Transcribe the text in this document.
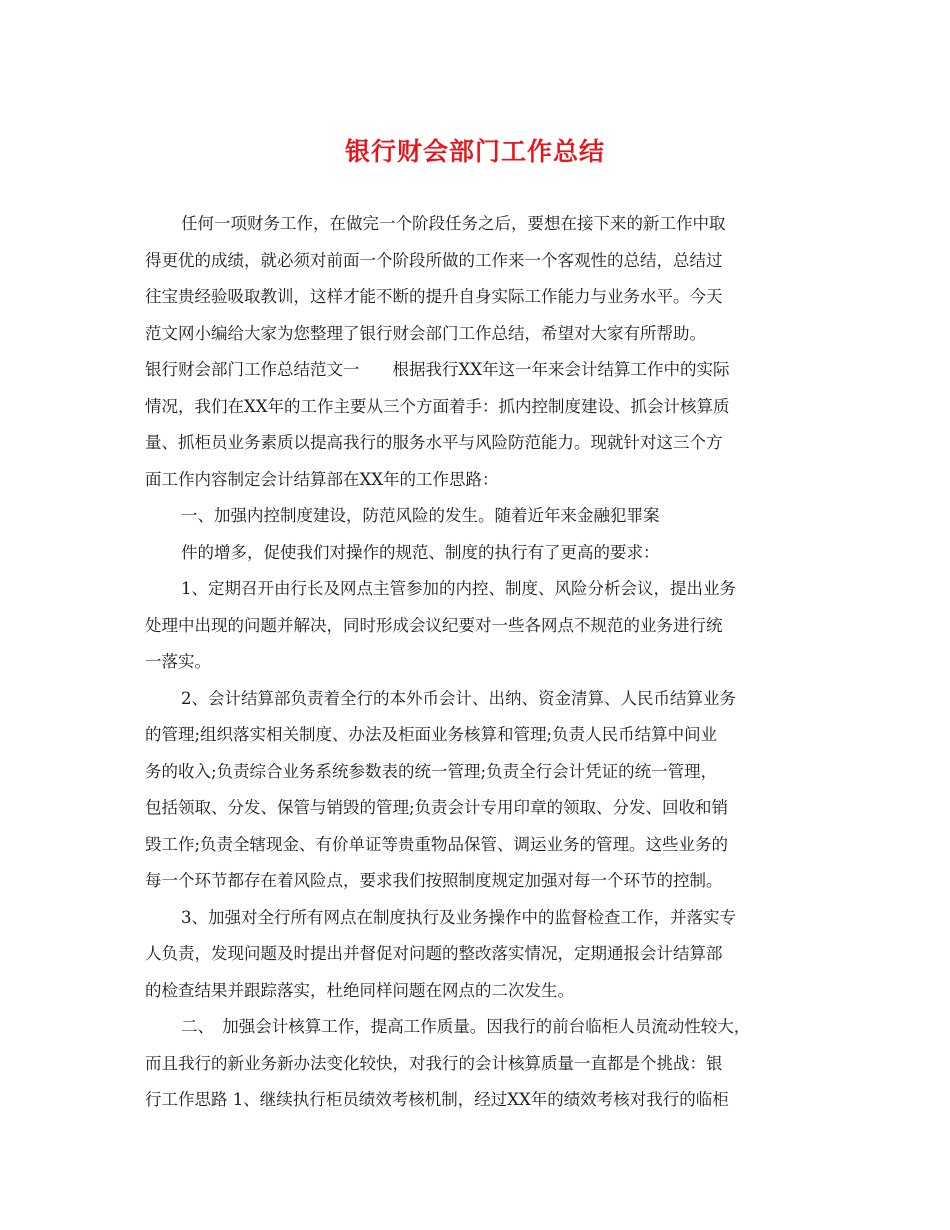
银行财会部门工作总结
任何一项财务工作，在做完一个阶段任务之后，要想在接下来的新工作中取
得更优的成绩，就必须对前面一个阶段所做的工作来一个客观性的总结，总结过
往宝贵经验吸取教训，这样才能不断的提升自身实际工作能力与业务水平。今天
范文网小编给大家为您整理了银行财会部门工作总结，希望对大家有所帮助。
银行财会部门工作总结范文一　　根据我行XX年这一年来会计结算工作中的实际
情况，我们在XX年的工作主要从三个方面着手：抓内控制度建设、抓会计核算质
量、抓柜员业务素质以提高我行的服务水平与风险防范能力。现就针对这三个方
面工作内容制定会计结算部在XX年的工作思路：
一、加强内控制度建设，防范风险的发生。随着近年来金融犯罪案
件的增多，促使我们对操作的规范、制度的执行有了更高的要求：
1、定期召开由行长及网点主管参加的内控、制度、风险分析会议，提出业务
处理中出现的问题并解决，同时形成会议纪要对一些各网点不规范的业务进行统
一落实。
2、会计结算部负责着全行的本外币会计、出纳、资金清算、人民币结算业务
的管理;组织落实相关制度、办法及柜面业务核算和管理;负责人民币结算中间业
务的收入;负责综合业务系统参数表的统一管理;负责全行会计凭证的统一管理，
包括领取、分发、保管与销毁的管理;负责会计专用印章的领取、分发、回收和销
毁工作;负责全辖现金、有价单证等贵重物品保管、调运业务的管理。这些业务的
每一个环节都存在着风险点，要求我们按照制度规定加强对每一个环节的控制。
3、加强对全行所有网点在制度执行及业务操作中的监督检查工作，并落实专
人负责，发现问题及时提出并督促对问题的整改落实情况，定期通报会计结算部
的检查结果并跟踪落实，杜绝同样问题在网点的二次发生。
二、　加强会计核算工作，提高工作质量。因我行的前台临柜人员流动性较大，
而且我行的新业务新办法变化较快，对我行的会计核算质量一直都是个挑战：银
行工作思路 1、继续执行柜员绩效考核机制，经过XX年的绩效考核对我行的临柜
